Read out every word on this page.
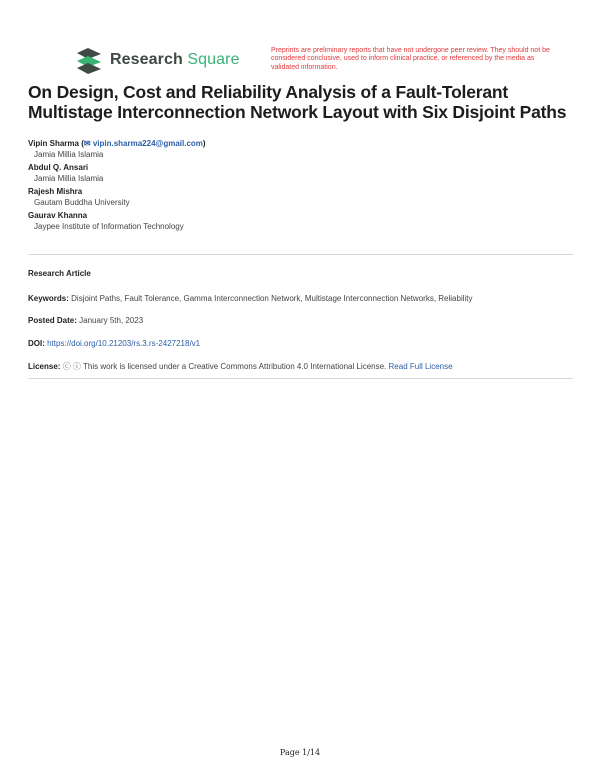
Research Square
Preprints are preliminary reports that have not undergone peer review. They should not be considered conclusive, used to inform clinical practice, or referenced by the media as validated information.
On Design, Cost and Reliability Analysis of a Fault-Tolerant Multistage Interconnection Network Layout with Six Disjoint Paths
Vipin Sharma (✉ vipin.sharma224@gmail.com)
Jamia Millia Islamia
Abdul Q. Ansari
Jamia Millia Islamia
Rajesh Mishra
Gautam Buddha University
Gaurav Khanna
Jaypee Institute of Information Technology
Research Article
Keywords: Disjoint Paths, Fault Tolerance, Gamma Interconnection Network, Multistage Interconnection Networks, Reliability
Posted Date: January 5th, 2023
DOI: https://doi.org/10.21203/rs.3.rs-2427218/v1
License: ⓒ ⓘ This work is licensed under a Creative Commons Attribution 4.0 International License. Read Full License
Page 1/14
